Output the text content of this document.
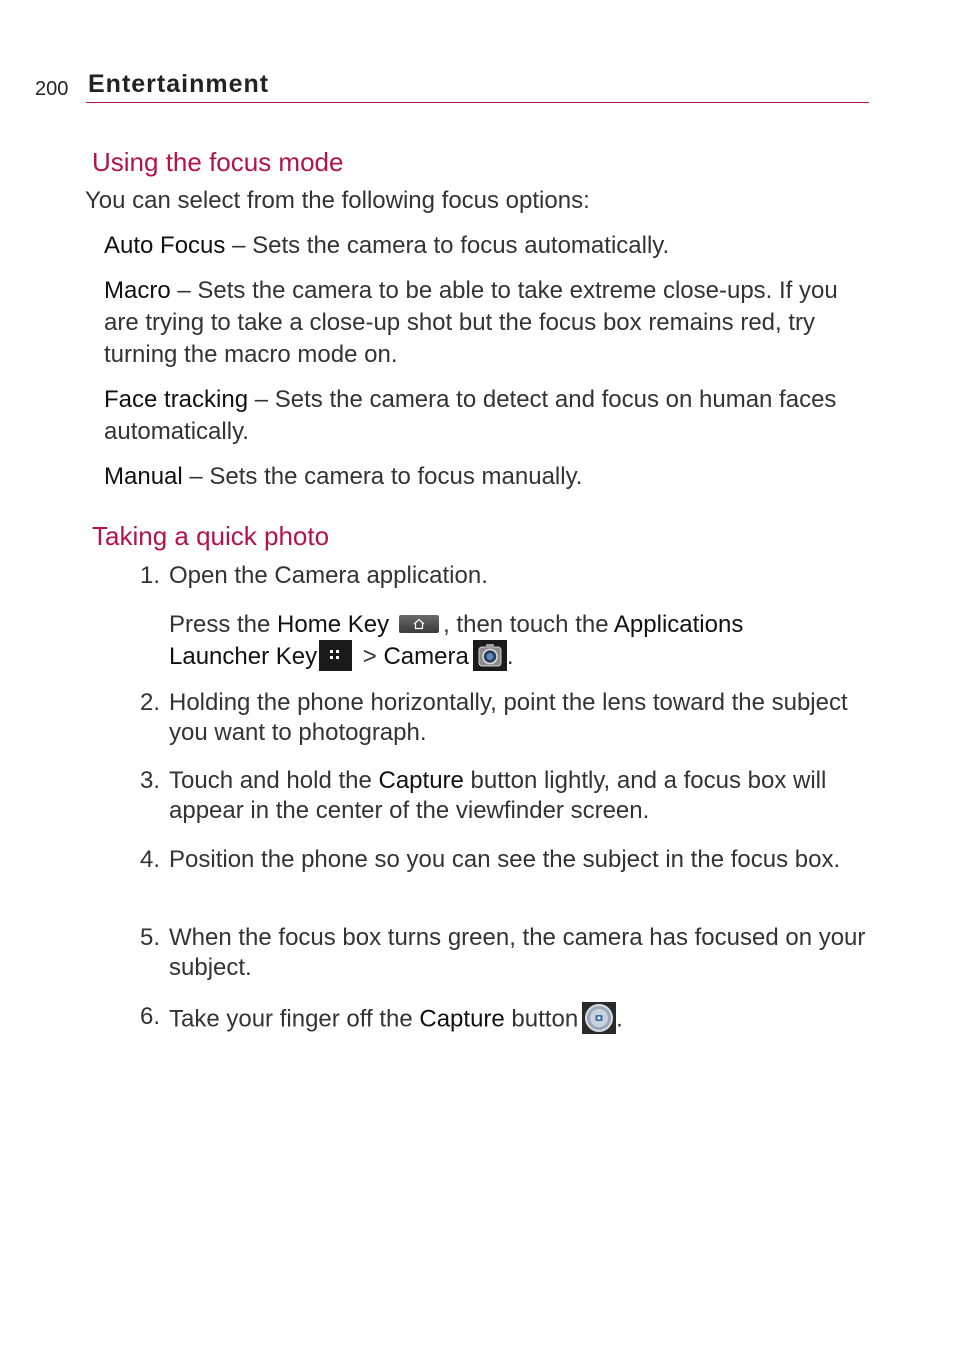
200 Entertainment
Using the focus mode
You can select from the following focus options:
Auto Focus – Sets the camera to focus automatically.
Macro – Sets the camera to be able to take extreme close-ups. If you are trying to take a close-up shot but the focus box remains red, try turning the macro mode on.
Face tracking – Sets the camera to detect and focus on human faces automatically.
Manual – Sets the camera to focus manually.
Taking a quick photo
1. Open the Camera application.
Press the Home Key , then touch the Applications
Launcher Key
> Camera .
2. Holding the phone horizontally, point the lens toward the subject you want to photograph.
3. Touch and hold the Capture button lightly, and a focus box will appear in the center of the viewfinder screen.
4. Position the phone so you can see the subject in the focus box.
5. When the focus box turns green, the camera has focused on your subject.
6. Take your finger off the Capture button .
